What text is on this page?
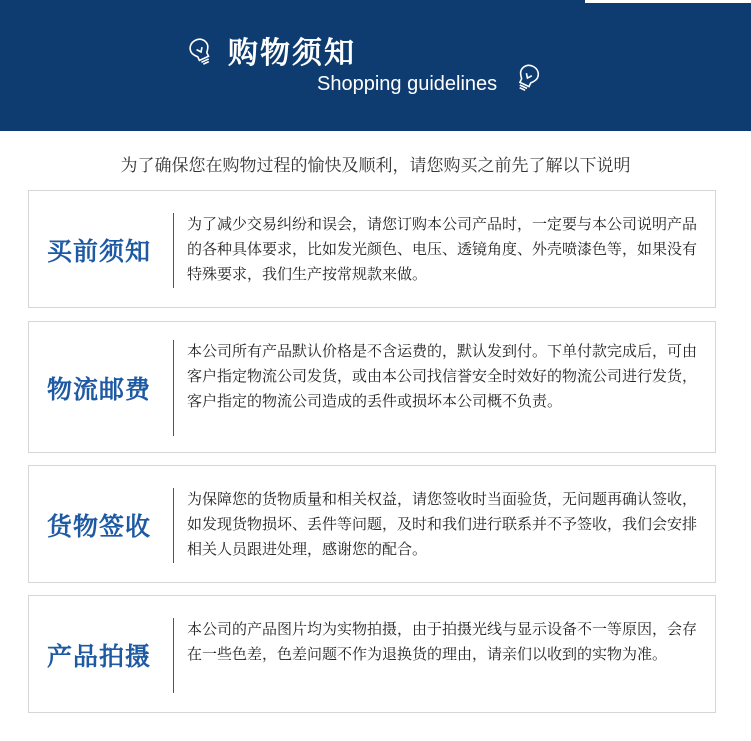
购物须知
Shopping guidelines
为了确保您在购物过程的愉快及顺利，请您购买之前先了解以下说明
买前须知
为了减少交易纠纷和误会，请您订购本公司产品时，一定要与本公司说明产品的各种具体要求，比如发光颜色、电压、透镜角度、外壳喷漆色等，如果没有特殊要求，我们生产按常规款来做。
物流邮费
本公司所有产品默认价格是不含运费的，默认发到付。下单付款完成后，可由客户指定物流公司发货，或由本公司找信誉安全时效好的物流公司进行发货，客户指定的物流公司造成的丢件或损坏本公司概不负责。
货物签收
为保障您的货物质量和相关权益，请您签收时当面验货，无问题再确认签收，如发现货物损坏、丢件等问题，及时和我们进行联系并不予签收，我们会安排相关人员跟进处理，感谢您的配合。
产品拍摄
本公司的产品图片均为实物拍摄，由于拍摄光线与显示设备不一等原因，会存在一些色差，色差问题不作为退换货的理由，请亲们以收到的实物为准。
